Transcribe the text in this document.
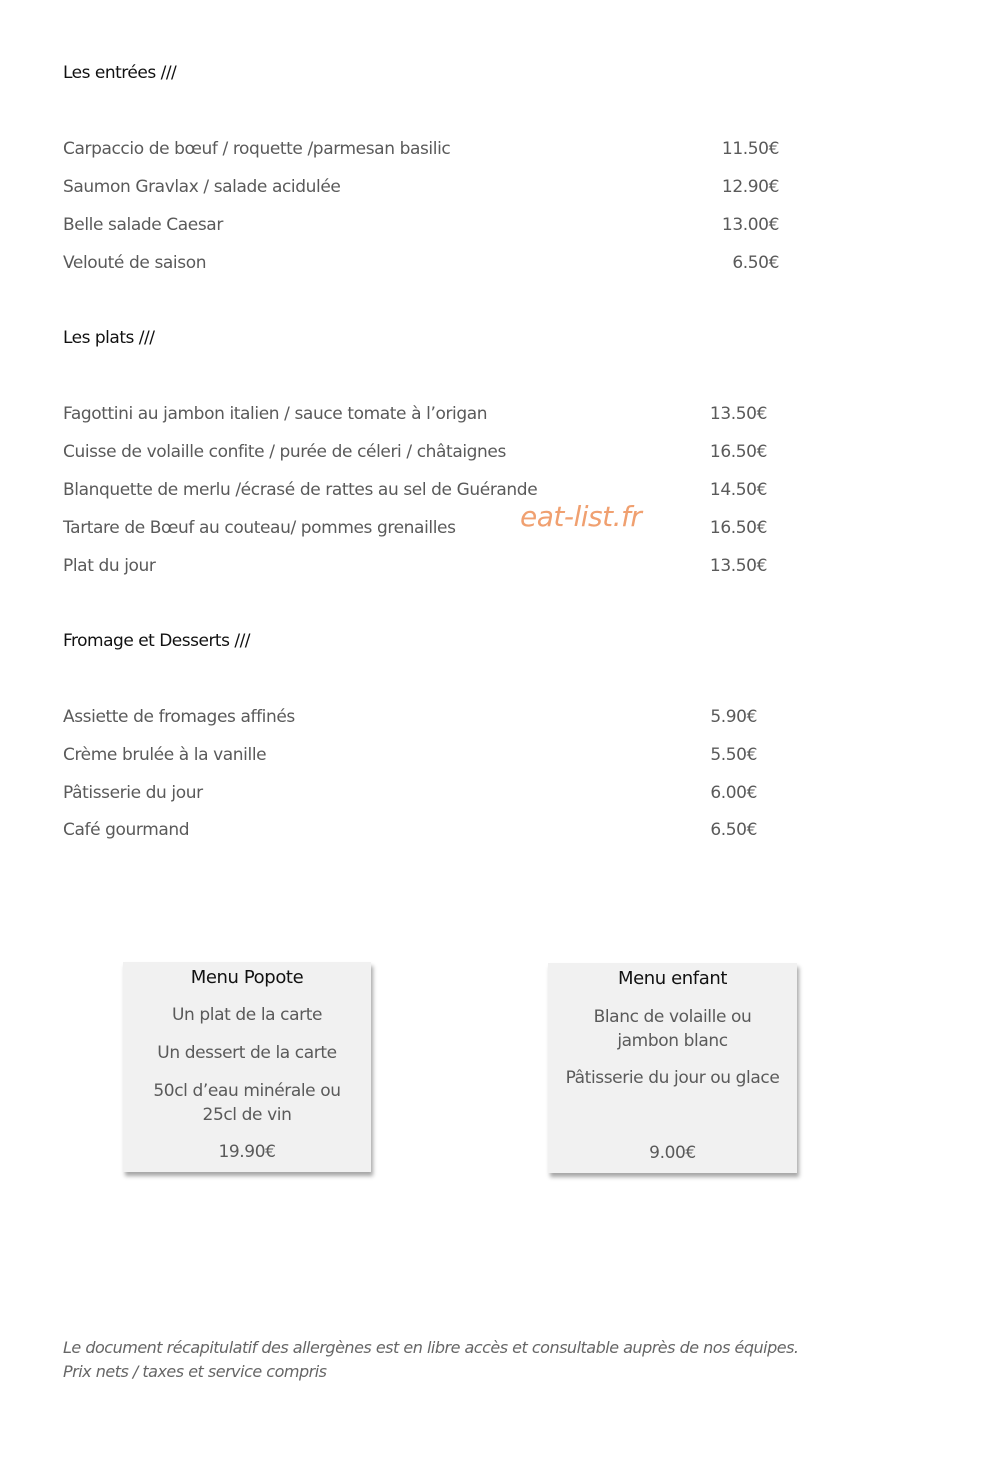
Les entrées ///
Carpaccio de bœuf / roquette /parmesan basilic	11.50€
Saumon Gravlax / salade acidulée	12.90€
Belle salade Caesar	13.00€
Velouté de saison	6.50€
Les plats ///
Fagottini au jambon italien / sauce tomate à l’origan	13.50€
Cuisse de volaille confite / purée de céleri / châtaignes	16.50€
Blanquette de merlu /écrasé de rattes au sel de Guérande	14.50€
Tartare de Bœuf au couteau/ pommes grenailles	16.50€
Plat du jour	13.50€
eat-list.fr
Fromage et Desserts ///
Assiette de fromages affinés	5.90€
Crème brulée à la vanille	5.50€
Pâtisserie du jour	6.00€
Café gourmand	6.50€
Menu Popote
Un plat de la carte
Un dessert de la carte
50cl d’eau minérale ou
25cl de vin
19.90€
Menu enfant
Blanc de volaille ou
jambon blanc
Pâtisserie du jour ou glace
9.00€
Le document récapitulatif des allergènes est en libre accès et consultable auprès de nos équipes.
Prix nets / taxes et service compris
